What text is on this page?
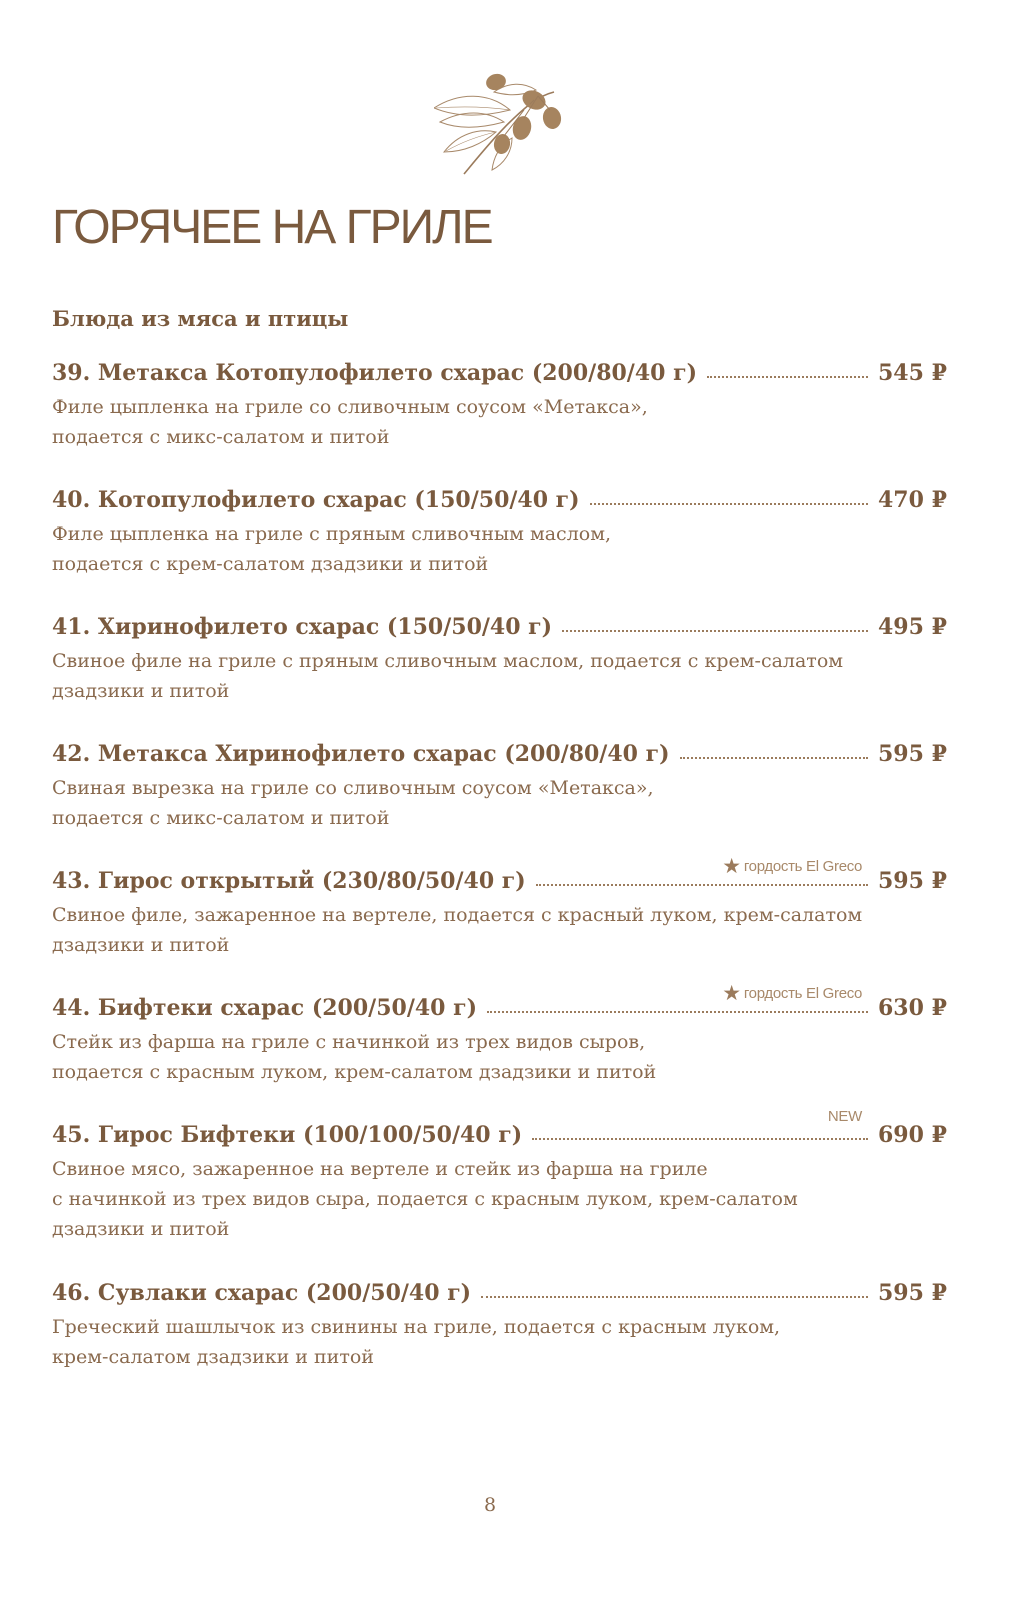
ГОРЯЧЕЕ НА ГРИЛЕ
Блюда из мяса и птицы
39. Метакса Котопулофилето схарас (200/80/40 г)	545 ₽
Филе цыпленка на гриле со сливочным соусом «Метакса»,
подается с микс-салатом и питой
40. Котопулофилето схарас (150/50/40 г)	470 ₽
Филе цыпленка на гриле с пряным сливочным маслом,
подается с крем-салатом дзадзики и питой
41. Хиринофилето схарас (150/50/40 г)	495 ₽
Свиное филе на гриле с пряным сливочным маслом, подается с крем-салатом
дзадзики и питой
42. Метакса Хиринофилето схарас (200/80/40 г)	595 ₽
Свиная вырезка на гриле со сливочным соусом «Метакса»,
подается с микс-салатом и питой
43. Гирос открытый (230/80/50/40 г)	595 ₽
★ гордость El Greco
Свиное филе, зажаренное на вертеле, подается с красный луком, крем-салатом
дзадзики и питой
44. Бифтеки схарас (200/50/40 г)	630 ₽
★ гордость El Greco
Стейк из фарша на гриле с начинкой из трех видов сыров,
подается с красным луком, крем-салатом дзадзики и питой
45. Гирос Бифтеки (100/100/50/40 г)	690 ₽
NEW
Свиное мясо, зажаренное на вертеле и стейк из фарша на гриле
с начинкой из трех видов сыра, подается с красным луком, крем-салатом
дзадзики и питой
46. Сувлаки схарас (200/50/40 г)	595 ₽
Греческий шашлычок из свинины на гриле, подается с красным луком,
крем-салатом дзадзики и питой
8
